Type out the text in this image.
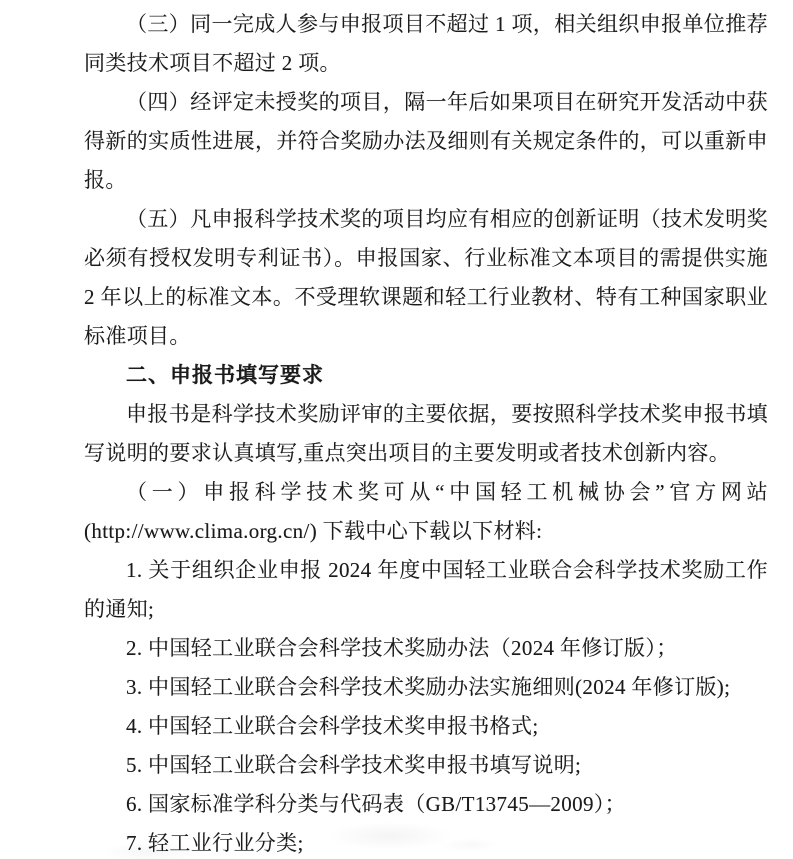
（三）同一完成人参与申报项目不超过 1 项，相关组织申报单位推荐同类技术项目不超过 2 项。

（四）经评定未授奖的项目，隔一年后如果项目在研究开发活动中获得新的实质性进展，并符合奖励办法及细则有关规定条件的，可以重新申报。

（五）凡申报科学技术奖的项目均应有相应的创新证明（技术发明奖必须有授权发明专利证书）。申报国家、行业标准文本项目的需提供实施 2 年以上的标准文本。不受理软课题和轻工行业教材、特有工种国家职业标准项目。

二、申报书填写要求

申报书是科学技术奖励评审的主要依据，要按照科学技术奖申报书填写说明的要求认真填写,重点突出项目的主要发明或者技术创新内容。

（一）申报科学技术奖可从“中国轻工机械协会”官方网站 (http://www.clima.org.cn/) 下载中心下载以下材料:

1. 关于组织企业申报 2024 年度中国轻工业联合会科学技术奖励工作的通知;

2. 中国轻工业联合会科学技术奖励办法（2024 年修订版）；

3. 中国轻工业联合会科学技术奖励办法实施细则(2024 年修订版);

4. 中国轻工业联合会科学技术奖申报书格式;

5. 中国轻工业联合会科学技术奖申报书填写说明;

6. 国家标准学科分类与代码表（GB/T13745—2009）；

7. 轻工业行业分类;
